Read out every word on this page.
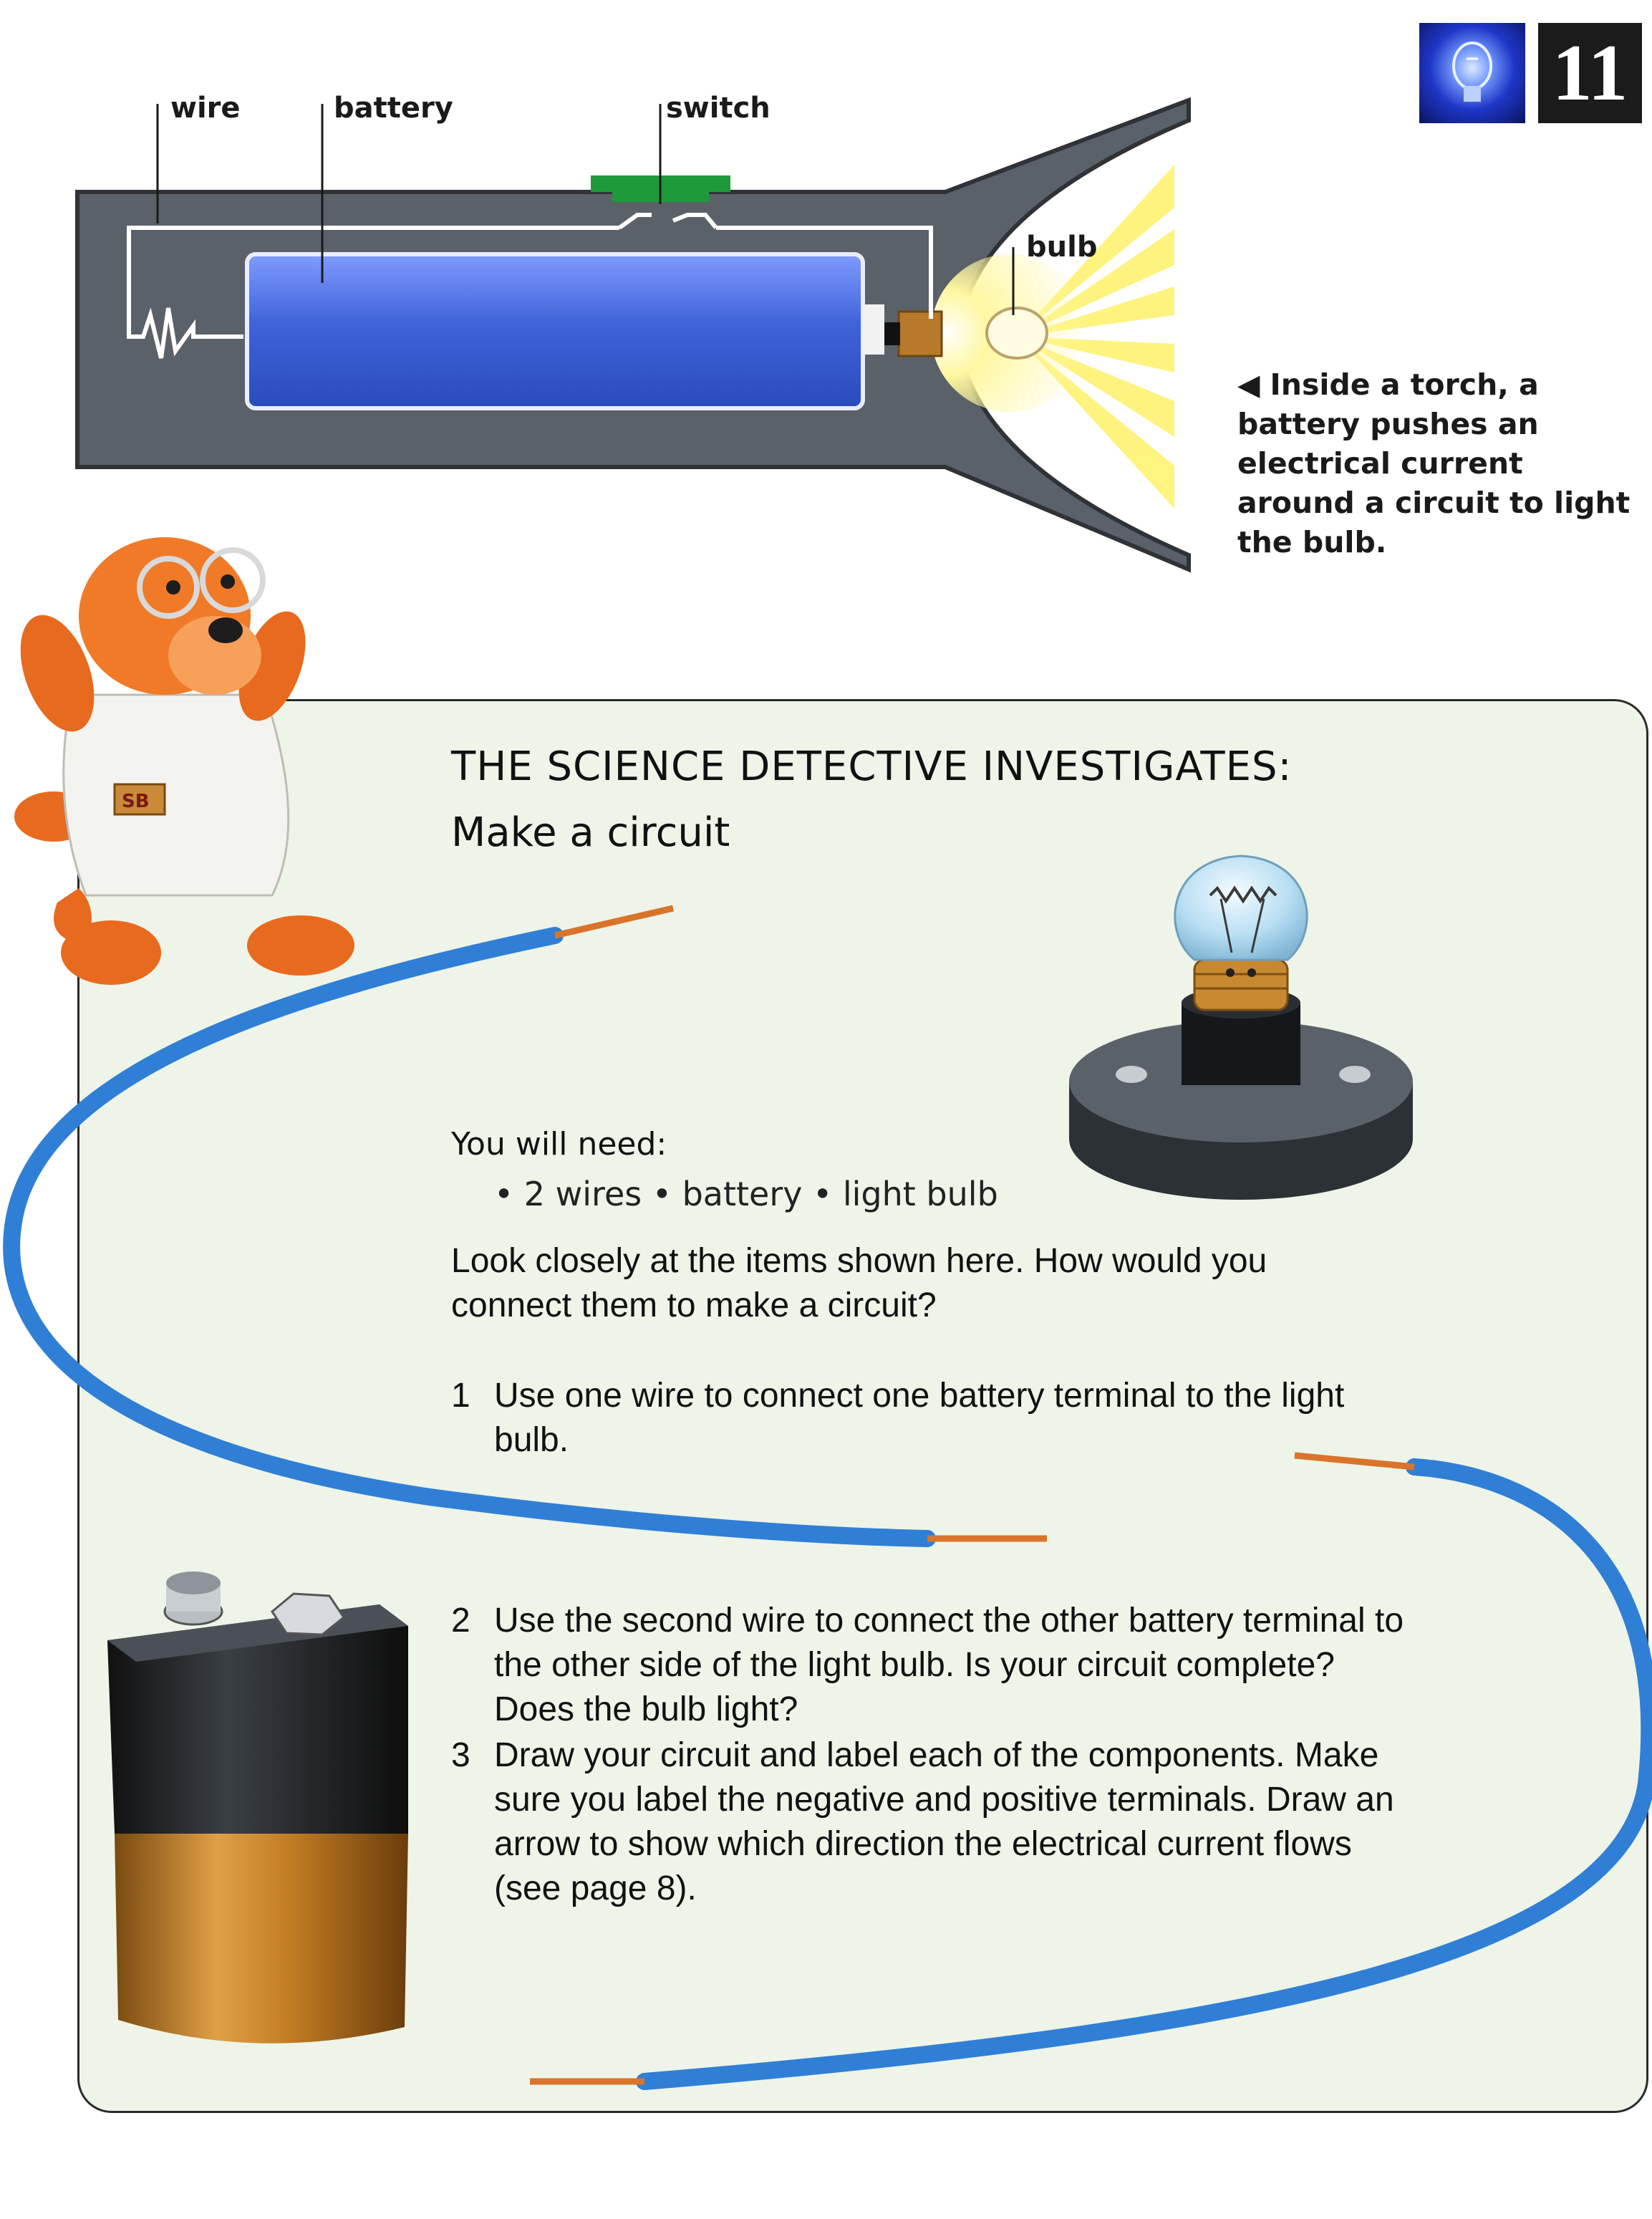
11
wire	battery	switch
bulb
◀ Inside a torch, a battery pushes an electrical current around a circuit to light the bulb.
SB
THE SCIENCE DETECTIVE INVESTIGATES:
Make a circuit
You will need:
• 2 wires • battery • light bulb
Look closely at the items shown here. How would you connect them to make a circuit?
1 Use one wire to connect one battery terminal to the light bulb.
2 Use the second wire to connect the other battery terminal to the other side of the light bulb. Is your circuit complete? Does the bulb light?
3 Draw your circuit and label each of the components. Make sure you label the negative and positive terminals. Draw an arrow to show which direction the electrical current flows (see page 8).
